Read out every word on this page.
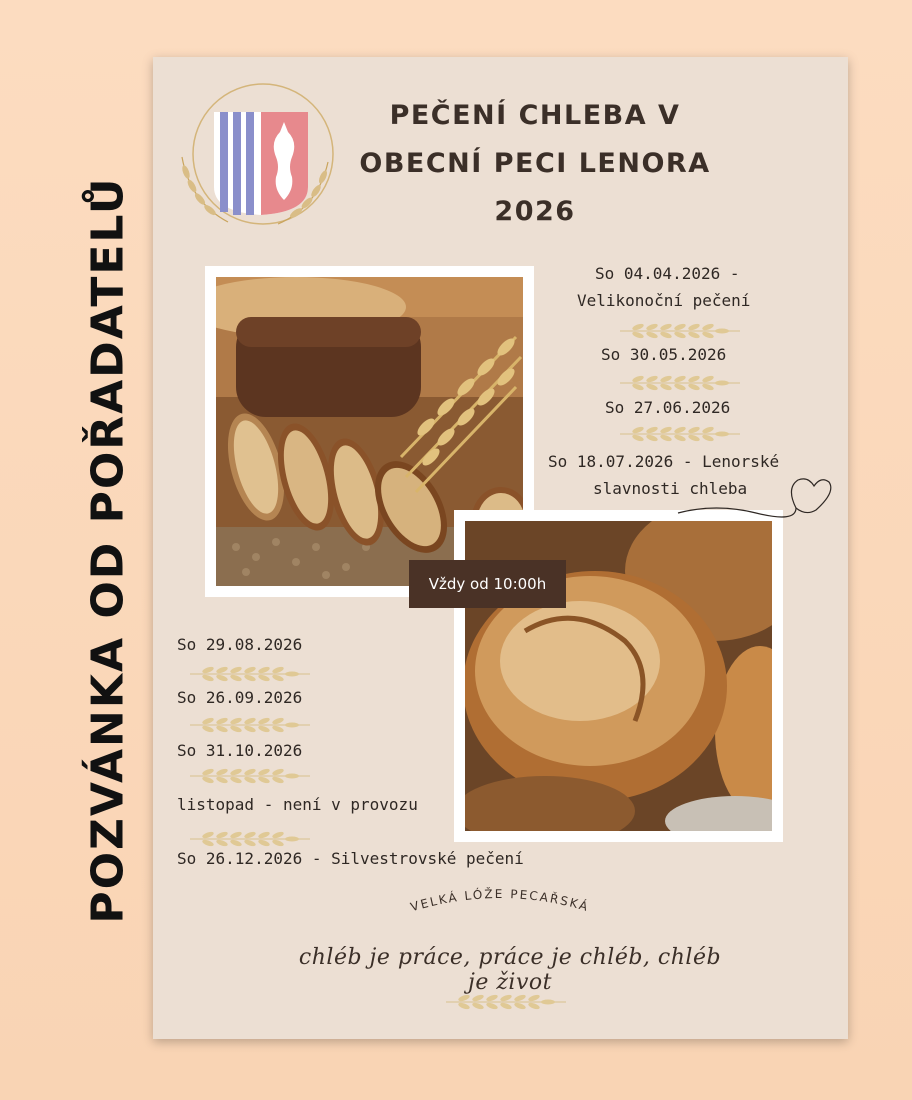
POZVÁNKA OD POŘADATELŮ
PEČENÍ CHLEBA V
OBECNÍ PECI LENORA
2026
Vždy od 10:00h
So 04.04.2026 -
Velikonoční pečení
So 30.05.2026
So 27.06.2026
So 18.07.2026 - Lenorské
slavnosti chleba
So 29.08.2026
So 26.09.2026
So 31.10.2026
listopad - není v provozu
So 26.12.2026 - Silvestrovské pečení
VELKÁ LÓŽE PECAŘSKÁ
chléb je práce, práce je chléb, chléb je život
